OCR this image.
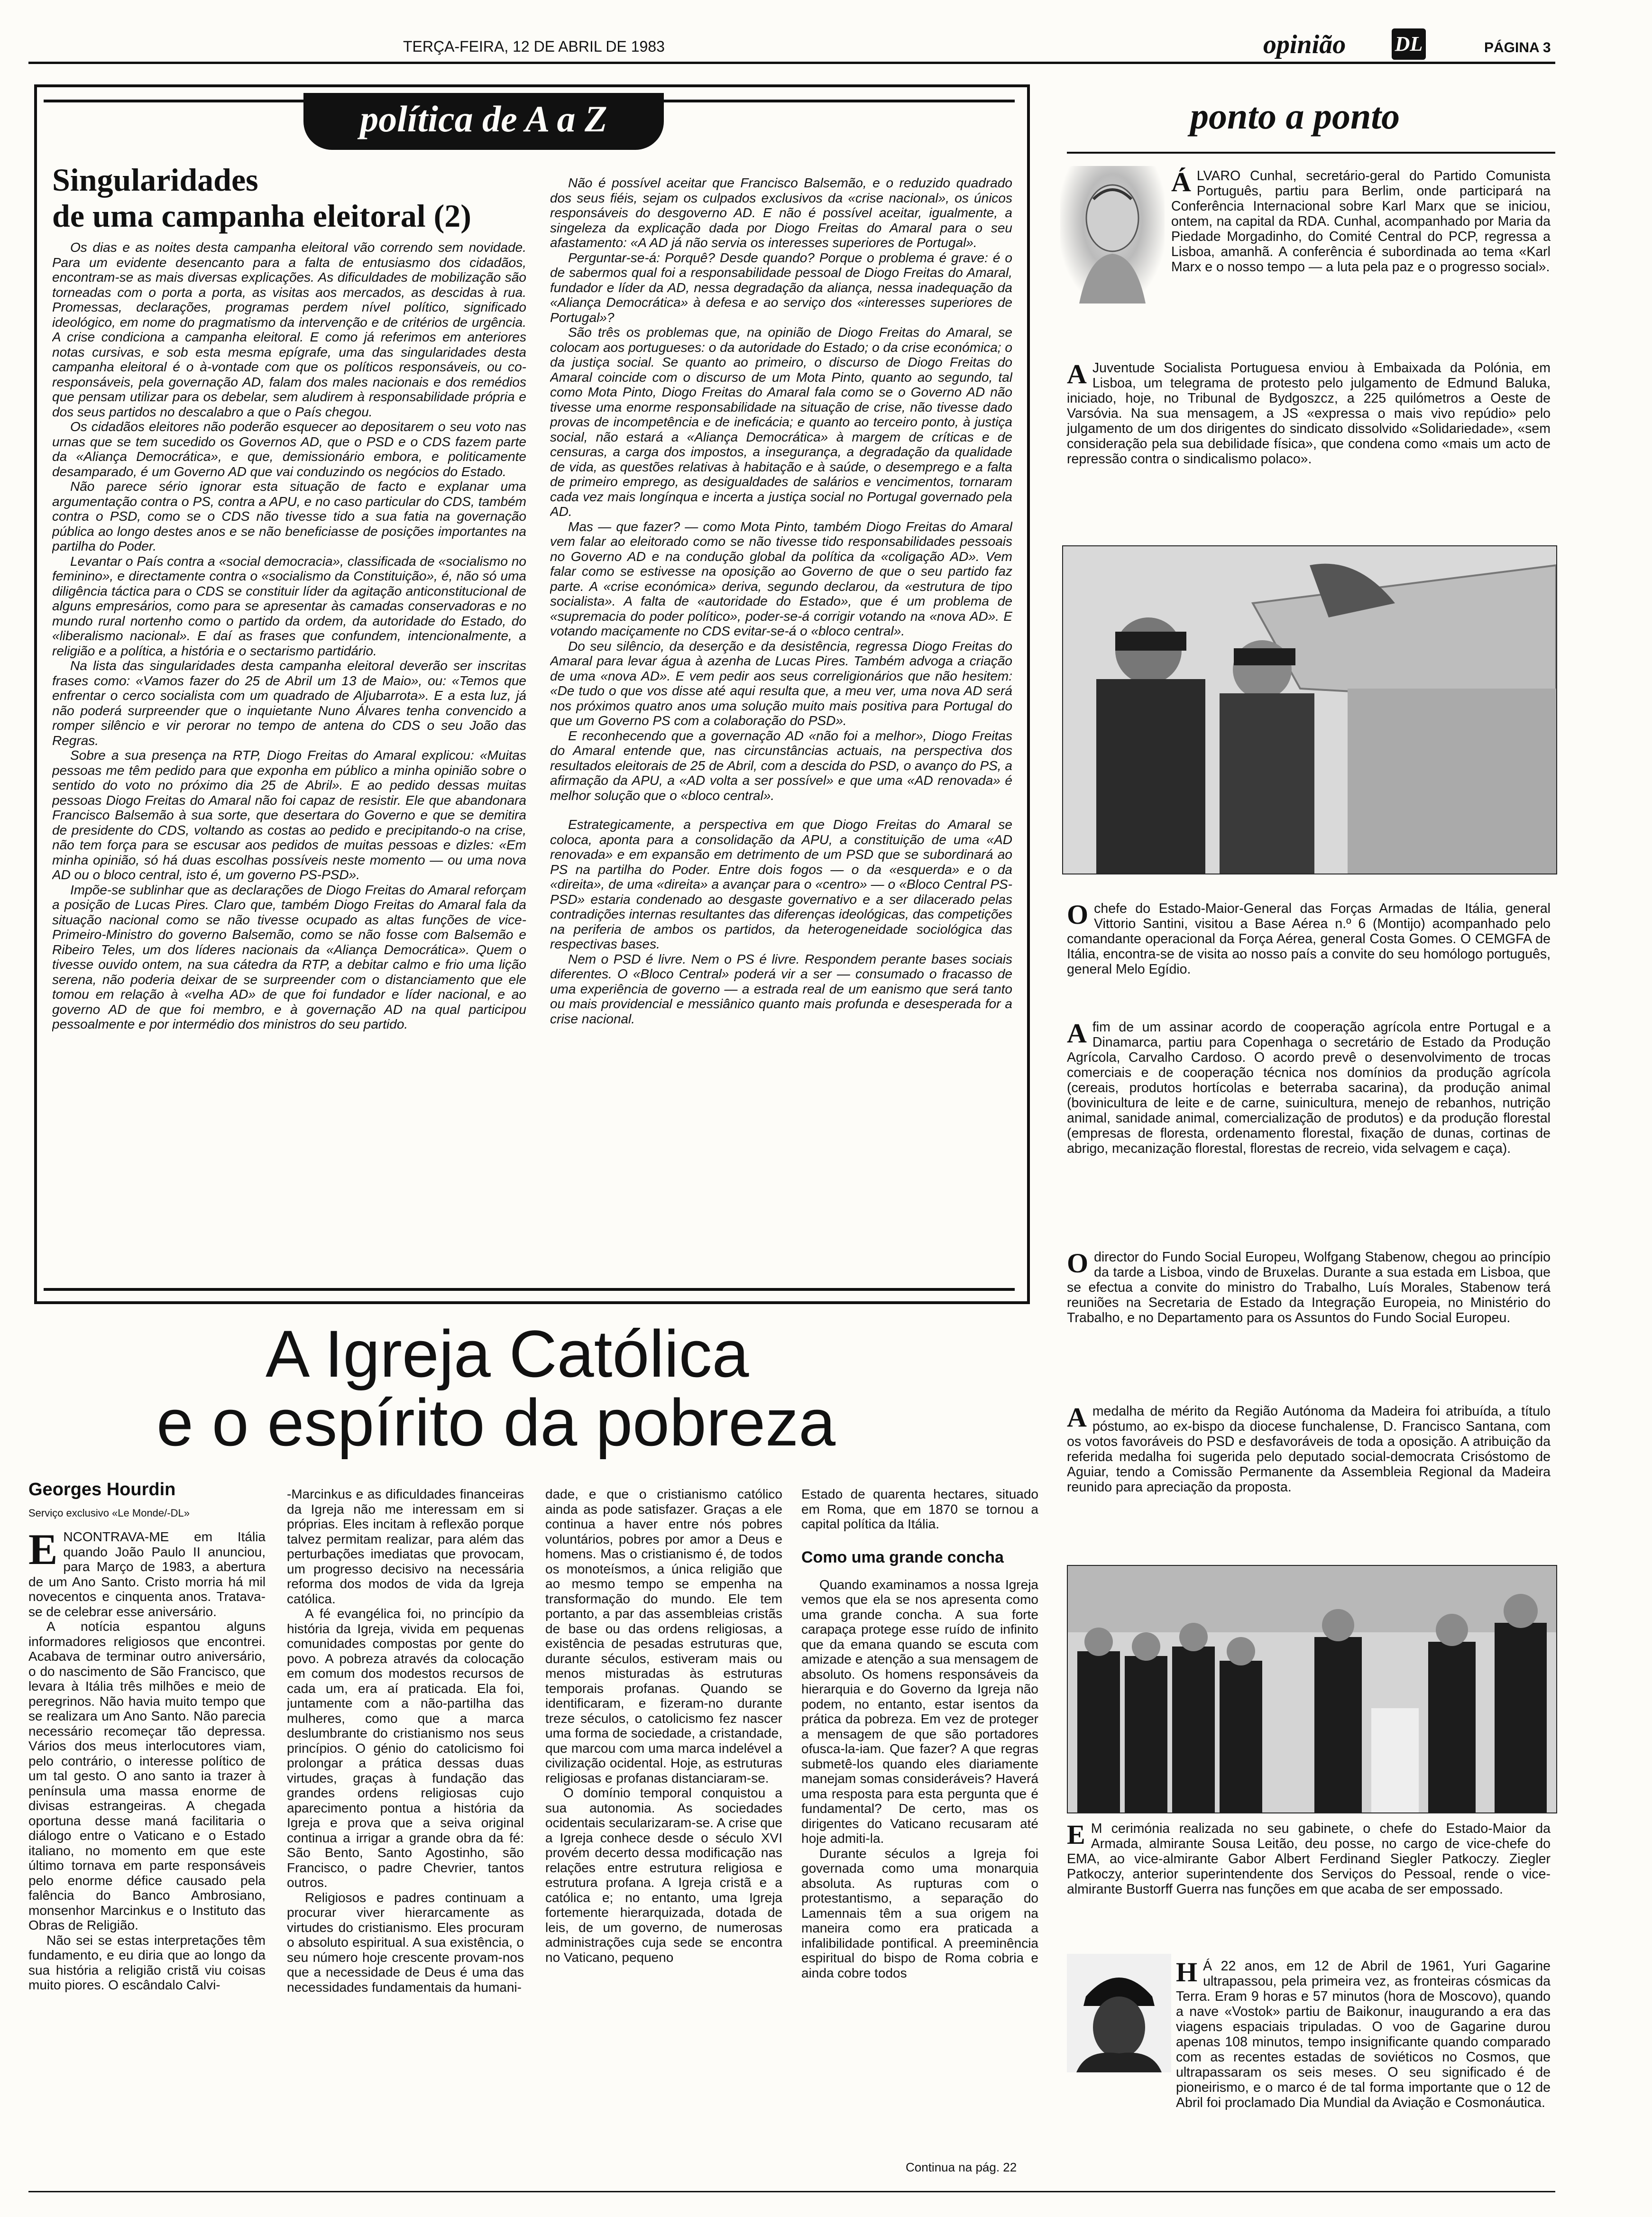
TERÇA-FEIRA, 12 DE ABRIL DE 1983	opinião DL	PÁGINA 3
política de A a Z
Singularidades
de uma campanha eleitoral (2)

Os dias e as noites desta campanha eleitoral vão correndo sem novidade. Para um evidente desencanto para a falta de entusiasmo dos cidadãos, encontram-se as mais diversas explicações. As dificuldades de mobilização são torneadas com o porta a porta, as visitas aos mercados, as descidas à rua. Promessas, declarações, programas perdem nível político, significado ideológico, em nome do pragmatismo da intervenção e de critérios de urgência. A crise condiciona a campanha eleitoral. E como já referimos em anteriores notas cursivas, e sob esta mesma epígrafe, uma das singularidades desta campanha eleitoral é o à-vontade com que os políticos responsáveis, ou co-responsáveis, pela governação AD, falam dos males nacionais e dos remédios que pensam utilizar para os debelar, sem aludirem à responsabilidade própria e dos seus partidos no descalabro a que o País chegou.

Os cidadãos eleitores não poderão esquecer ao depositarem o seu voto nas urnas que se tem sucedido os Governos AD, que o PSD e o CDS fazem parte da «Aliança Democrática», e que, demissionário embora, e politicamente desamparado, é um Governo AD que vai conduzindo os negócios do Estado.

Não parece sério ignorar esta situação de facto e explanar uma argumentação contra o PS, contra a APU, e no caso particular do CDS, também contra o PSD, como se o CDS não tivesse tido a sua fatia na governação pública ao longo destes anos e se não beneficiasse de posições importantes na partilha do Poder.

Levantar o País contra a «social democracia», classificada de «socialismo no feminino», e directamente contra o «socialismo da Constituição», é, não só uma diligência táctica para o CDS se constituir líder da agitação anticonstitucional de alguns empresários, como para se apresentar às camadas conservadoras e no mundo rural nortenho como o partido da ordem, da autoridade do Estado, do «liberalismo nacional». E daí as frases que confundem, intencionalmente, a religião e a política, a história e o sectarismo partidário.

Na lista das singularidades desta campanha eleitoral deverão ser inscritas frases como: «Vamos fazer do 25 de Abril um 13 de Maio», ou: «Temos que enfrentar o cerco socialista com um quadrado de Aljubarrota». E a esta luz, já não poderá surpreender que o inquietante Nuno Álvares tenha convencido a romper silêncio e vir perorar no tempo de antena do CDS o seu João das Regras.

Sobre a sua presença na RTP, Diogo Freitas do Amaral explicou: «Muitas pessoas me têm pedido para que exponha em público a minha opinião sobre o sentido do voto no próximo dia 25 de Abril». E ao pedido dessas muitas pessoas Diogo Freitas do Amaral não foi capaz de resistir. Ele que abandonara Francisco Balsemão à sua sorte, que desertara do Governo e que se demitira de presidente do CDS, voltando as costas ao pedido e precipitando-o na crise, não tem força para se escusar aos pedidos de muitas pessoas e dizles: «Em minha opinião, só há duas escolhas possíveis neste momento — ou uma nova AD ou o bloco central, isto é, um governo PS-PSD».

Impõe-se sublinhar que as declarações de Diogo Freitas do Amaral reforçam a posição de Lucas Pires. Claro que, também Diogo Freitas do Amaral fala da situação nacional como se não tivesse ocupado as altas funções de vice-Primeiro-Ministro do governo Balsemão, como se não fosse com Balsemão e Ribeiro Teles, um dos líderes nacionais da «Aliança Democrática». Quem o tivesse ouvido ontem, na sua cátedra da RTP, a debitar calmo e frio uma lição serena, não poderia deixar de se surpreender com o distanciamento que ele tomou em relação à «velha AD» de que foi fundador e líder nacional, e ao governo AD de que foi membro, e à governação AD na qual participou pessoalmente e por intermédio dos ministros do seu partido.

Não é possível aceitar que Francisco Balsemão, e o reduzido quadrado dos seus fiéis, sejam os culpados exclusivos da «crise nacional», os únicos responsáveis do desgoverno AD. E não é possível aceitar, igualmente, a singeleza da explicação dada por Diogo Freitas do Amaral para o seu afastamento: «A AD já não servia os interesses superiores de Portugal».

Perguntar-se-á: Porquê? Desde quando? Porque o problema é grave: é o de sabermos qual foi a responsabilidade pessoal de Diogo Freitas do Amaral, fundador e líder da AD, nessa degradação da aliança, nessa inadequação da «Aliança Democrática» à defesa e ao serviço dos «interesses superiores de Portugal»?

São três os problemas que, na opinião de Diogo Freitas do Amaral, se colocam aos portugueses: o da autoridade do Estado; o da crise económica; o da justiça social. Se quanto ao primeiro, o discurso de Diogo Freitas do Amaral coincide com o discurso de um Mota Pinto, quanto ao segundo, tal como Mota Pinto, Diogo Freitas do Amaral fala como se o Governo AD não tivesse uma enorme responsabilidade na situação de crise, não tivesse dado provas de incompetência e de ineficácia; e quanto ao terceiro ponto, à justiça social, não estará a «Aliança Democrática» à margem de críticas e de censuras, a carga dos impostos, a insegurança, a degradação da qualidade de vida, as questões relativas à habitação e à saúde, o desemprego e a falta de primeiro emprego, as desigualdades de salários e vencimentos, tornaram cada vez mais longínqua e incerta a justiça social no Portugal governado pela AD.

Mas — que fazer? — como Mota Pinto, também Diogo Freitas do Amaral vem falar ao eleitorado como se não tivesse tido responsabilidades pessoais no Governo AD e na condução global da política da «coligação AD». Vem falar como se estivesse na oposição ao Governo de que o seu partido faz parte. A «crise económica» deriva, segundo declarou, da «estrutura de tipo socialista». A falta de «autoridade do Estado», que é um problema de «supremacia do poder político», poder-se-á corrigir votando na «nova AD». E votando maciçamente no CDS evitar-se-á o «bloco central».

Do seu silêncio, da deserção e da desistência, regressa Diogo Freitas do Amaral para levar água à azenha de Lucas Pires. Também advoga a criação de uma «nova AD». E vem pedir aos seus correligionários que não hesitem: «De tudo o que vos disse até aqui resulta que, a meu ver, uma nova AD será nos próximos quatro anos uma solução muito mais positiva para Portugal do que um Governo PS com a colaboração do PSD».

E reconhecendo que a governação AD «não foi a melhor», Diogo Freitas do Amaral entende que, nas circunstâncias actuais, na perspectiva dos resultados eleitorais de 25 de Abril, com a descida do PSD, o avanço do PS, a afirmação da APU, a «AD volta a ser possível» e que uma «AD renovada» é melhor solução que o «bloco central».

Estrategicamente, a perspectiva em que Diogo Freitas do Amaral se coloca, aponta para a consolidação da APU, a constituição de uma «AD renovada» e em expansão em detrimento de um PSD que se subordinará ao PS na partilha do Poder. Entre dois fogos — o da «esquerda» e o da «direita», de uma «direita» a avançar para o «centro» — o «Bloco Central PS-PSD» estaria condenado ao desgaste governativo e a ser dilacerado pelas contradições internas resultantes das diferenças ideológicas, das competições na periferia de ambos os partidos, da heterogeneidade sociológica das respectivas bases.

Nem o PSD é livre. Nem o PS é livre. Respondem perante bases sociais diferentes. O «Bloco Central» poderá vir a ser — consumado o fracasso de uma experiência de governo — a estrada real de um eanismo que será tanto ou mais providencial e messiânico quanto mais profunda e desesperada for a crise nacional.

ponto a ponto
Á LVARO Cunhal, secretário-geral do Partido Comunista Português, partiu para Berlim, onde participará na Conferência Internacional sobre Karl Marx que se iniciou, ontem, na capital da RDA. Cunhal, acompanhado por Maria da Piedade Morgadinho, do Comité Central do PCP, regressa a Lisboa, amanhã. A conferência é subordinada ao tema «Karl Marx e o nosso tempo — a luta pela paz e o progresso social».
A Juventude Socialista Portuguesa enviou à Embaixada da Polónia, em Lisboa, um telegrama de protesto pelo julgamento de Edmund Baluka, iniciado, hoje, no Tribunal de Bydgoszcz, a 225 quilómetros a Oeste de Varsóvia. Na sua mensagem, a JS «expressa o mais vivo repúdio» pelo julgamento de um dos dirigentes do sindicato dissolvido «Solidariedade», «sem consideração pela sua debilidade física», que condena como «mais um acto de repressão contra o sindicalismo polaco».
O chefe do Estado-Maior-General das Forças Armadas de Itália, general Vittorio Santini, visitou a Base Aérea n.º 6 (Montijo) acompanhado pelo comandante operacional da Força Aérea, general Costa Gomes. O CEMGFA de Itália, encontra-se de visita ao nosso país a convite do seu homólogo português, general Melo Egídio.
A fim de um assinar acordo de cooperação agrícola entre Portugal e a Dinamarca, partiu para Copenhaga o secretário de Estado da Produção Agrícola, Carvalho Cardoso. O acordo prevê o desenvolvimento de trocas comerciais e de cooperação técnica nos domínios da produção agrícola (cereais, produtos hortícolas e beterraba sacarina), da produção animal (bovinicultura de leite e de carne, suinicultura, menejo de rebanhos, nutrição animal, sanidade animal, comercialização de produtos) e da produção florestal (empresas de floresta, ordenamento florestal, fixação de dunas, cortinas de abrigo, mecanização florestal, florestas de recreio, vida selvagem e caça).
O director do Fundo Social Europeu, Wolfgang Stabenow, chegou ao princípio da tarde a Lisboa, vindo de Bruxelas. Durante a sua estada em Lisboa, que se efectua a convite do ministro do Trabalho, Luís Morales, Stabenow terá reuniões na Secretaria de Estado da Integração Europeia, no Ministério do Trabalho, e no Departamento para os Assuntos do Fundo Social Europeu.
A medalha de mérito da Região Autónoma da Madeira foi atribuída, a título póstumo, ao ex-bispo da diocese funchalense, D. Francisco Santana, com os votos favoráveis do PSD e desfavoráveis de toda a oposição. A atribuição da referida medalha foi sugerida pelo deputado social-democrata Crisóstomo de Aguiar, tendo a Comissão Permanente da Assembleia Regional da Madeira reunido para apreciação da proposta.
E M cerimónia realizada no seu gabinete, o chefe do Estado-Maior da Armada, almirante Sousa Leitão, deu posse, no cargo de vice-chefe do EMA, ao vice-almirante Gabor Albert Ferdinand Siegler Patkoczy. Ziegler Patkoczy, anterior superintendente dos Serviços do Pessoal, rende o vice-almirante Bustorff Guerra nas funções em que acaba de ser empossado.
H Á 22 anos, em 12 de Abril de 1961, Yuri Gagarine ultrapassou, pela primeira vez, as fronteiras cósmicas da Terra. Eram 9 horas e 57 minutos (hora de Moscovo), quando a nave «Vostok» partiu de Baikonur, inaugurando a era das viagens espaciais tripuladas. O voo de Gagarine durou apenas 108 minutos, tempo insignificante quando comparado com as recentes estadas de soviéticos no Cosmos, que ultrapassaram os seis meses. O seu significado é de pioneirismo, e o marco é de tal forma importante que o 12 de Abril foi proclamado Dia Mundial da Aviação e Cosmonáutica.
A Igreja Católica
e o espírito da pobreza
Georges Hourdin
Serviço exclusivo «Le Monde/-DL»
E NCONTRAVA-ME em Itália quando João Paulo II anunciou, para Março de 1983, a abertura de um Ano Santo. Cristo morria há mil novecentos e cinquenta anos. Tratava-se de celebrar esse aniversário.

A notícia espantou alguns informadores religiosos que encontrei. Acabava de terminar outro aniversário, o do nascimento de São Francisco, que levara à Itália três milhões e meio de peregrinos. Não havia muito tempo que se realizara um Ano Santo. Não parecia necessário recomeçar tão depressa. Vários dos meus interlocutores viam, pelo contrário, o interesse político de um tal gesto. O ano santo ia trazer à península uma massa enorme de divisas estrangeiras. A chegada oportuna desse maná facilitaria o diálogo entre o Vaticano e o Estado italiano, no momento em que este último tornava em parte responsáveis pelo enorme défice causado pela falência do Banco Ambrosiano, monsenhor Marcinkus e o Instituto das Obras de Religião.

Não sei se estas interpretações têm fundamento, e eu diria que ao longo da sua história a religião cristã viu coisas muito piores. O escândalo Calvi-

-Marcinkus e as dificuldades financeiras da Igreja não me interessam em si próprias. Eles incitam à reflexão porque talvez permitam realizar, para além das perturbações imediatas que provocam, um progresso decisivo na necessária reforma dos modos de vida da Igreja católica.

A fé evangélica foi, no princípio da história da Igreja, vivida em pequenas comunidades compostas por gente do povo. A pobreza através da colocação em comum dos modestos recursos de cada um, era aí praticada. Ela foi, juntamente com a não-partilha das mulheres, como que a marca deslumbrante do cristianismo nos seus princípios. O génio do catolicismo foi prolongar a prática dessas duas virtudes, graças à fundação das grandes ordens religiosas cujo aparecimento pontua a história da Igreja e prova que a seiva original continua a irrigar a grande obra da fé: São Bento, Santo Agostinho, são Francisco, o padre Chevrier, tantos outros.

Religiosos e padres continuam a procurar viver hierarcamente as virtudes do cristianismo. Eles procuram o absoluto espiritual. A sua existência, o seu número hoje crescente provam-nos que a necessidade de Deus é uma das necessidades fundamentais da humani-

dade, e que o cristianismo católico ainda as pode satisfazer. Graças a ele continua a haver entre nós pobres voluntários, pobres por amor a Deus e homens. Mas o cristianismo é, de todos os monoteísmos, a única religião que ao mesmo tempo se empenha na transformação do mundo. Ele tem portanto, a par das assembleias cristãs de base ou das ordens religiosas, a existência de pesadas estruturas que, durante séculos, estiveram mais ou menos misturadas às estruturas temporais profanas. Quando se identificaram, e fizeram-no durante treze séculos, o catolicismo fez nascer uma forma de sociedade, a cristandade, que marcou com uma marca indelével a civilização ocidental. Hoje, as estruturas religiosas e profanas distanciaram-se.

O domínio temporal conquistou a sua autonomia. As sociedades ocidentais secularizaram-se. A crise que a Igreja conhece desde o século XVI provém decerto dessa modificação nas relações entre estrutura religiosa e estrutura profana. A Igreja cristã e a católica e; no entanto, uma Igreja fortemente hierarquizada, dotada de leis, de um governo, de numerosas administrações cuja sede se encontra no Vaticano, pequeno

Estado de quarenta hectares, situado em Roma, que em 1870 se tornou a capital política da Itália.

Como uma grande concha

Quando examinamos a nossa Igreja vemos que ela se nos apresenta como uma grande concha. A sua forte carapaça protege esse ruído de infinito que da emana quando se escuta com amizade e atenção a sua mensagem de absoluto. Os homens responsáveis da hierarquia e do Governo da Igreja não podem, no entanto, estar isentos da prática da pobreza. Em vez de proteger a mensagem de que são portadores ofusca-la-iam. Que fazer? A que regras submetê-los quando eles diariamente manejam somas consideráveis? Haverá uma resposta para esta pergunta que é fundamental? De certo, mas os dirigentes do Vaticano recusaram até hoje admiti-la.

Durante séculos a Igreja foi governada como uma monarquia absoluta. As rupturas com o protestantismo, a separação do Lamennais têm a sua origem na maneira como era praticada a infalibilidade pontifical. A preeminência espiritual do bispo de Roma cobria e ainda cobre todos

Continua na pág. 22
